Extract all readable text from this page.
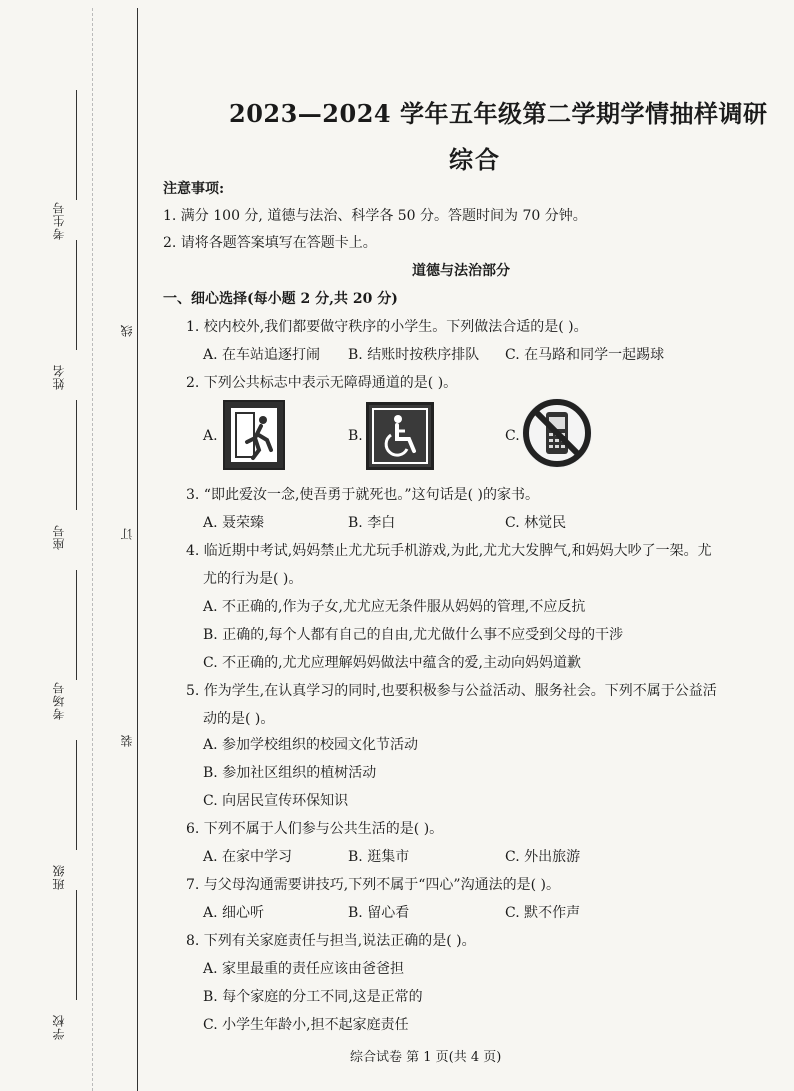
考生号
姓名
座号
考场号
班级
学校
线
订
装
2023—2024 学年五年级第二学期学情抽样调研
综合
注意事项:
1. 满分 100 分, 道德与法治、科学各 50 分。答题时间为 70 分钟。
2. 请将各题答案填写在答题卡上。
道德与法治部分
一、细心选择(每小题 2 分,共 20 分)
1. 校内校外,我们都要做守秩序的小学生。下列做法合适的是( )。
A. 在车站追逐打闹 B. 结账时按秩序排队 C. 在马路和同学一起踢球
2. 下列公共标志中表示无障碍通道的是( )。
A.	B.	C.
3. “即此爱汝一念,使吾勇于就死也。”这句话是( )的家书。
A. 聂荣臻	B. 李白	C. 林觉民
4. 临近期中考试,妈妈禁止尤尤玩手机游戏,为此,尤尤大发脾气,和妈妈大吵了一架。尤
尤的行为是( )。
A. 不正确的,作为子女,尤尤应无条件服从妈妈的管理,不应反抗
B. 正确的,每个人都有自己的自由,尤尤做什么事不应受到父母的干涉
C. 不正确的,尤尤应理解妈妈做法中蕴含的爱,主动向妈妈道歉
5. 作为学生,在认真学习的同时,也要积极参与公益活动、服务社会。下列不属于公益活
动的是( )。
A. 参加学校组织的校园文化节活动
B. 参加社区组织的植树活动
C. 向居民宣传环保知识
6. 下列不属于人们参与公共生活的是( )。
A. 在家中学习	B. 逛集市	C. 外出旅游
7. 与父母沟通需要讲技巧,下列不属于“四心”沟通法的是( )。
A. 细心听	B. 留心看	C. 默不作声
8. 下列有关家庭责任与担当,说法正确的是( )。
A. 家里最重的责任应该由爸爸担
B. 每个家庭的分工不同,这是正常的
C. 小学生年龄小,担不起家庭责任
综合试卷 第 1 页(共 4 页)
